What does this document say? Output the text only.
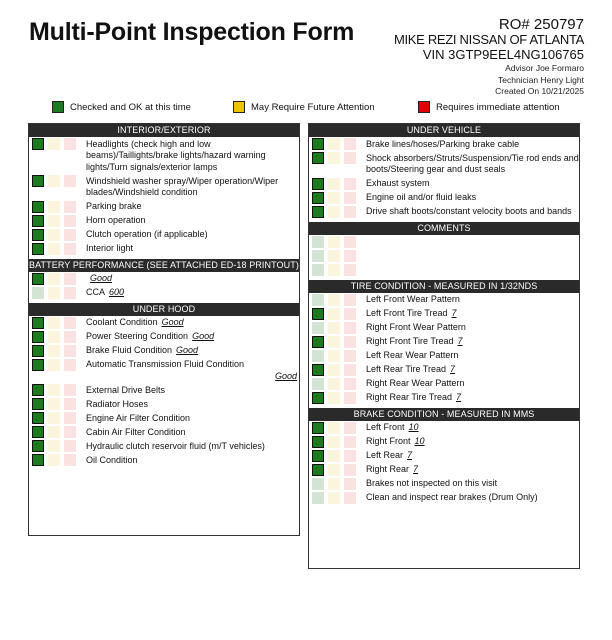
Multi-Point Inspection Form	RO# 250797
MIKE REZI NISSAN OF ATLANTA
VIN 3GTP9EEL4NG106765
Advisor Joe Formaro
Technician Henry Light
Created On 10/21/2025
Checked and OK at this time	May Require Future Attention	Requires immediate attention
INTERIOR/EXTERIOR
Headlights (check high and low beams)/Taillights/brake lights/hazard warning lights/Turn signals/exterior lamps
Windshield washer spray/Wiper operation/Wiper blades/Windshield condition
Parking brake
Horn operation
Clutch operation (if applicable)
Interior light
BATTERY PERFORMANCE (SEE ATTACHED ED-18 PRINTOUT)
Good
CCA 600
UNDER HOOD
Coolant Condition Good
Power Steering Condition Good
Brake Fluid Condition Good
Automatic Transmission Fluid Condition
Good
External Drive Belts
Radiator Hoses
Engine Air Filter Condition
Cabin Air Filter Condition
Hydraulic clutch reservoir fluid (m/T vehicles)
Oil Condition
UNDER VEHICLE
Brake lines/hoses/Parking brake cable
Shock absorbers/Struts/Suspension/Tie rod ends and boots/Steering gear and dust seals
Exhaust system
Engine oil and/or fluid leaks
Drive shaft boots/constant velocity boots and bands
COMMENTS
TIRE CONDITION - MEASURED IN 1/32NDS
Left Front Wear Pattern
Left Front Tire Tread 7
Right Front Wear Pattern
Right Front Tire Tread 7
Left Rear Wear Pattern
Left Rear Tire Tread 7
Right Rear Wear Pattern
Right Rear Tire Tread 7
BRAKE CONDITION - MEASURED IN MMS
Left Front 10
Right Front 10
Left Rear 7
Right Rear 7
Brakes not inspected on this visit
Clean and inspect rear brakes (Drum Only)
